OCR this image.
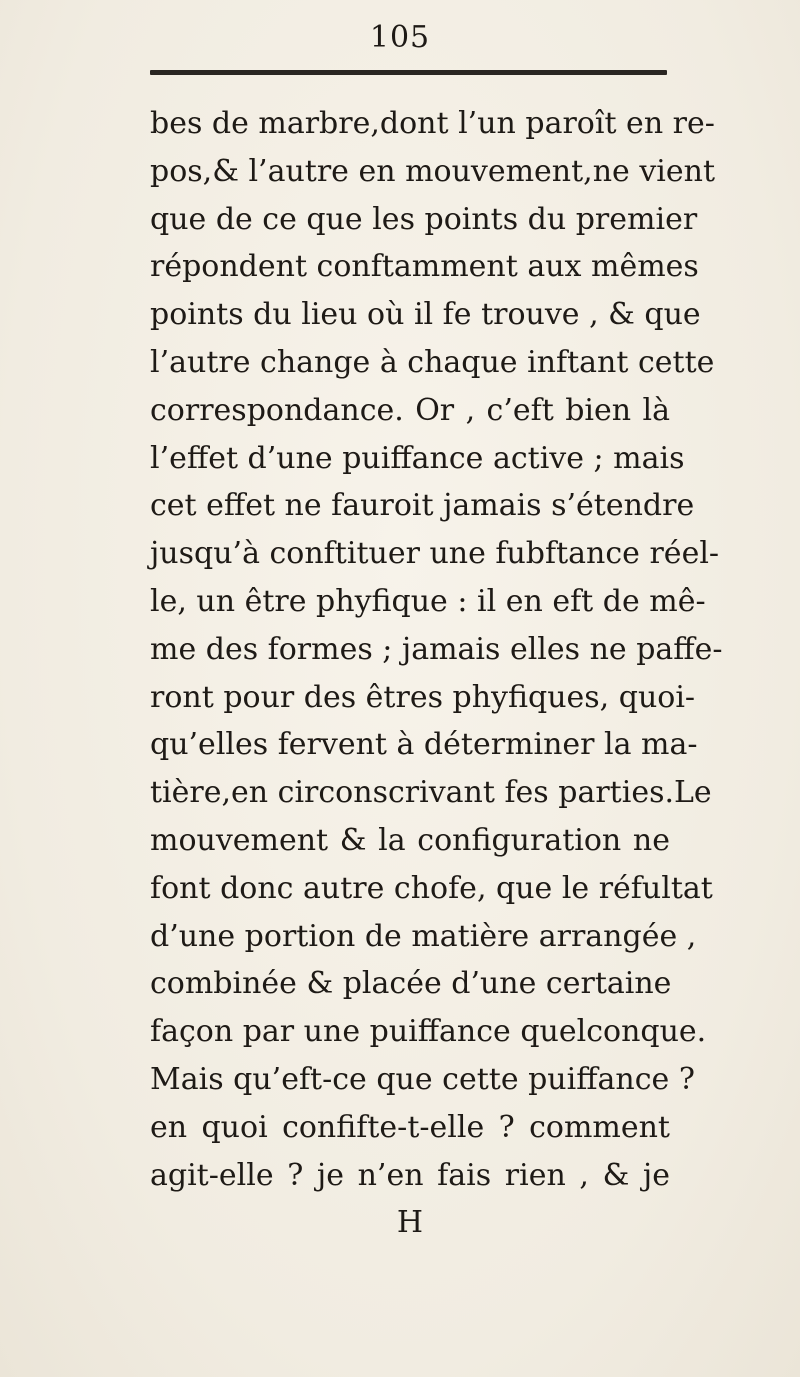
105
bes de marbre,dont l’un paroît en re-
pos,& l’autre en mouvement,ne vient
que de ce que les points du premier
répondent conftamment aux mêmes
points du lieu où il fe trouve , & que
l’autre change à chaque inftant cette
correspondance. Or , c’eft bien là
l’effet d’une puiffance active ; mais
cet effet ne fauroit jamais s’étendre
jusqu’à conftituer une fubftance réel-
le, un être phyfique : il en eft de mê-
me des formes ; jamais elles ne paffe-
ront pour des êtres phyfiques, quoi-
qu’elles fervent à déterminer la ma-
tière,en circonscrivant fes parties.Le
mouvement & la configuration ne
font donc autre chofe, que le réfultat
d’une portion de matière arrangée ,
combinée & placée d’une certaine
façon par une puiffance quelconque.
Mais qu’eft-ce que cette puiffance ?
en quoi confifte-t-elle ? comment
agit-elle ? je n’en fais rien , & je
H
